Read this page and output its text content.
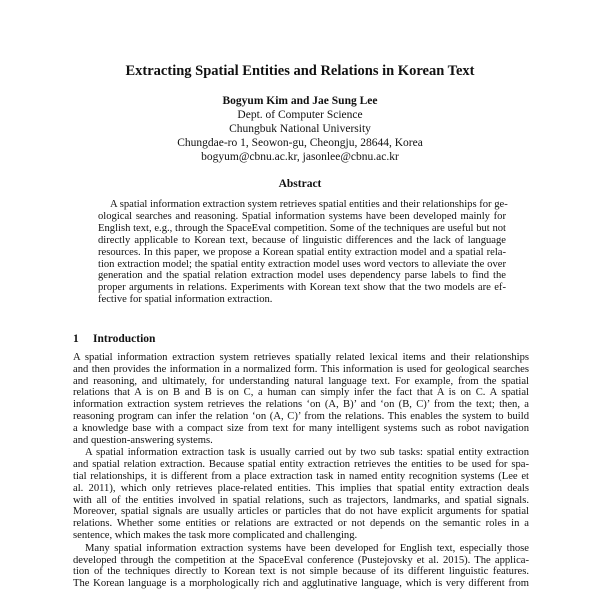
Extracting Spatial Entities and Relations in Korean Text
Bogyum Kim and Jae Sung Lee
Dept. of Computer Science
Chungbuk National University
Chungdae-ro 1, Seowon-gu, Cheongju, 28644, Korea
bogyum@cbnu.ac.kr, jasonlee@cbnu.ac.kr
Abstract
A spatial information extraction system retrieves spatial entities and their relationships for ge-
ological searches and reasoning. Spatial information systems have been developed mainly for
English text, e.g., through the SpaceEval competition. Some of the techniques are useful but not
directly applicable to Korean text, because of linguistic differences and the lack of language
resources. In this paper, we propose a Korean spatial entity extraction model and a spatial rela-
tion extraction model; the spatial entity extraction model uses word vectors to alleviate the over
generation and the spatial relation extraction model uses dependency parse labels to find the
proper arguments in relations. Experiments with Korean text show that the two models are ef-
fective for spatial information extraction.
1 Introduction
A spatial information extraction system retrieves spatially related lexical items and their relationships
and then provides the information in a normalized form. This information is used for geological searches
and reasoning, and ultimately, for understanding natural language text. For example, from the spatial
relations that A is on B and B is on C, a human can simply infer the fact that A is on C. A spatial
information extraction system retrieves the relations ‘on (A, B)’ and ‘on (B, C)’ from the text; then, a
reasoning program can infer the relation ‘on (A, C)’ from the relations. This enables the system to build
a knowledge base with a compact size from text for many intelligent systems such as robot navigation
and question-answering systems.
A spatial information extraction task is usually carried out by two sub tasks: spatial entity extraction
and spatial relation extraction. Because spatial entity extraction retrieves the entities to be used for spa-
tial relationships, it is different from a place extraction task in named entity recognition systems (Lee et
al. 2011), which only retrieves place-related entities. This implies that spatial entity extraction deals
with all of the entities involved in spatial relations, such as trajectors, landmarks, and spatial signals.
Moreover, spatial signals are usually articles or particles that do not have explicit arguments for spatial
relations. Whether some entities or relations are extracted or not depends on the semantic roles in a
sentence, which makes the task more complicated and challenging.
Many spatial information extraction systems have been developed for English text, especially those
developed through the competition at the SpaceEval conference (Pustejovsky et al. 2015). The applica-
tion of the techniques directly to Korean text is not simple because of its different linguistic features.
The Korean language is a morphologically rich and agglutinative language, which is very different from
